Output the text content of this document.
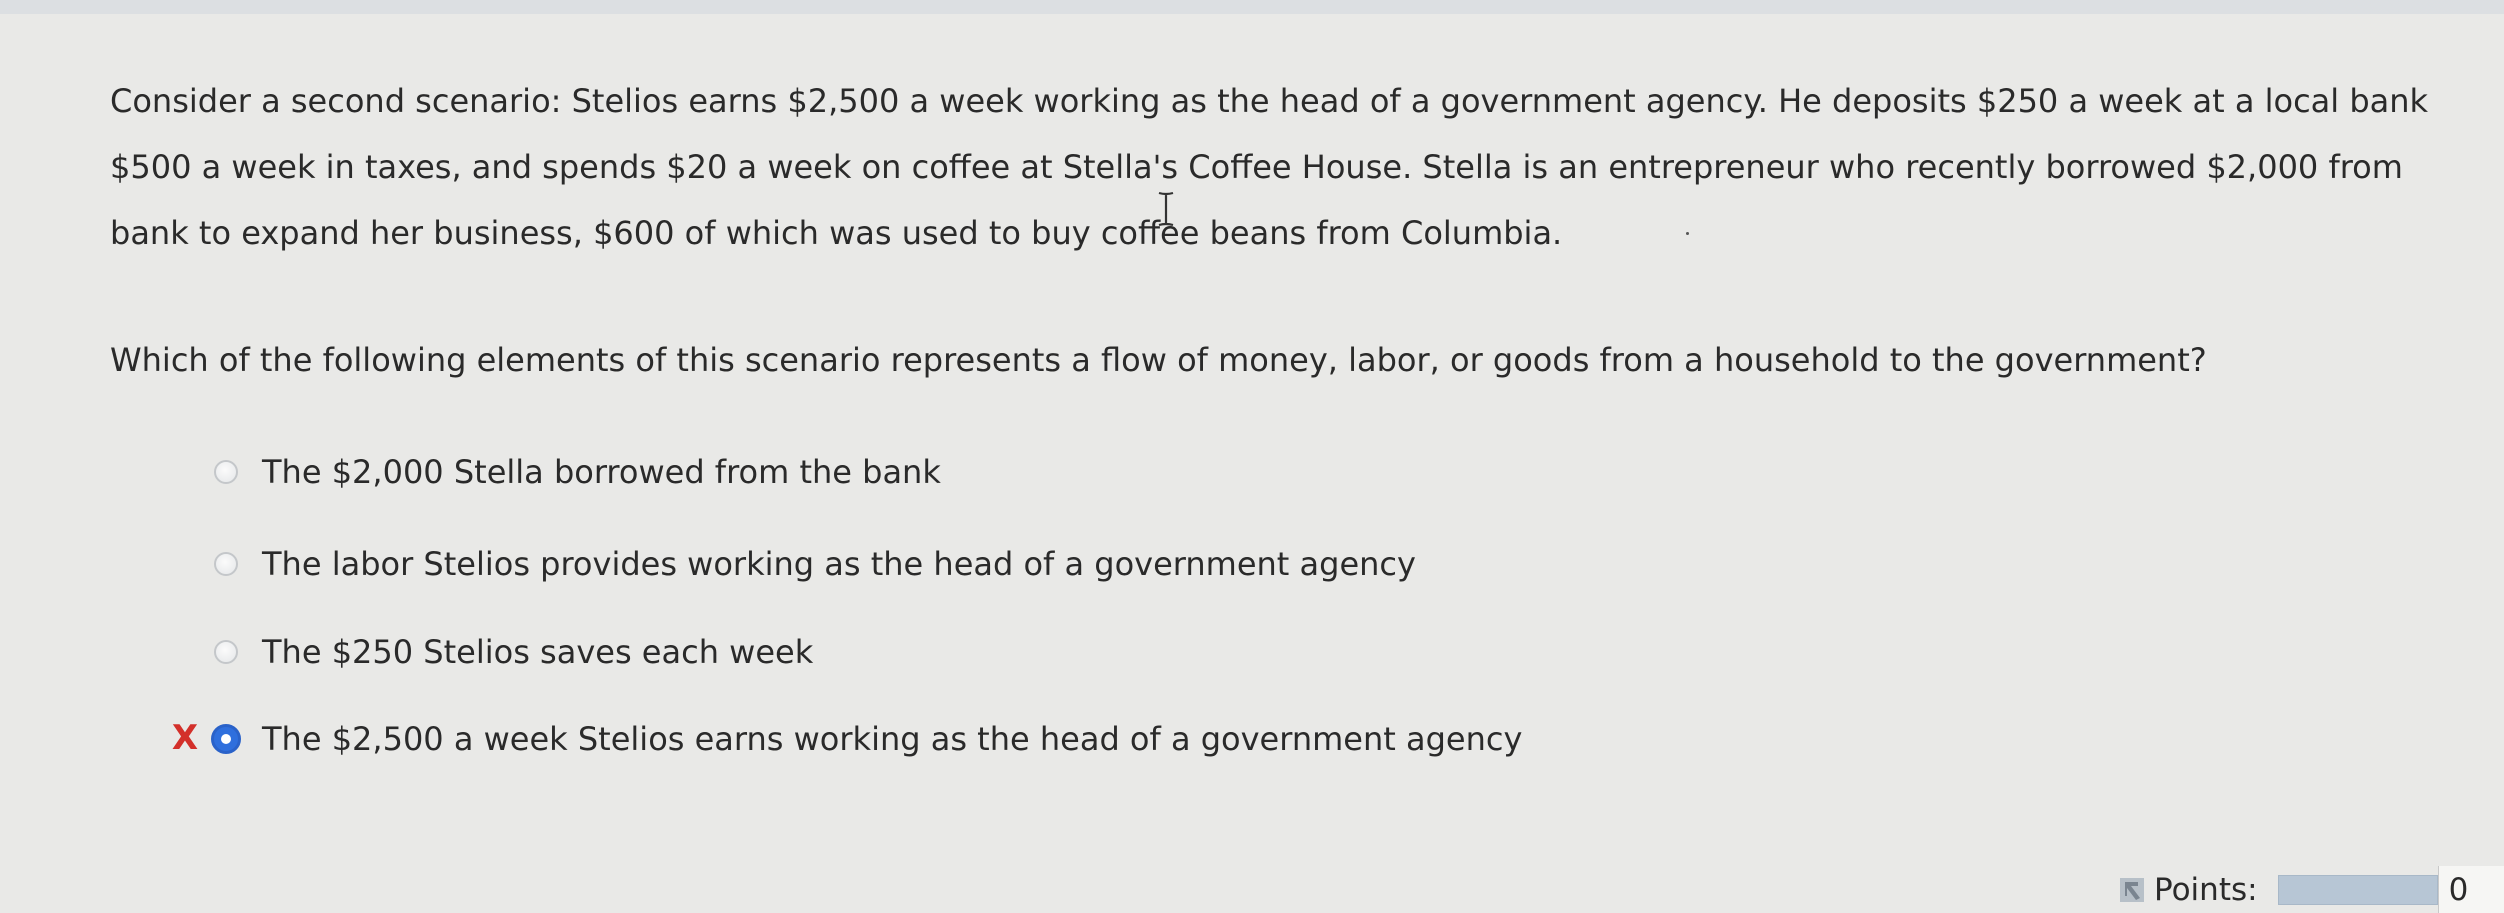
Consider a second scenario: Stelios earns $2,500 a week working as the head of a government agency. He deposits $250 a week at a local bank
$500 a week in taxes, and spends $20 a week on coffee at Stella's Coffee House. Stella is an entrepreneur who recently borrowed $2,000 from
bank to expand her business, $600 of which was used to buy coffee beans from Columbia.
Which of the following elements of this scenario represents a flow of money, labor, or goods from a household to the government?
The $2,000 Stella borrowed from the bank
The labor Stelios provides working as the head of a government agency
The $250 Stelios saves each week
X The $2,500 a week Stelios earns working as the head of a government agency
Points:	0
